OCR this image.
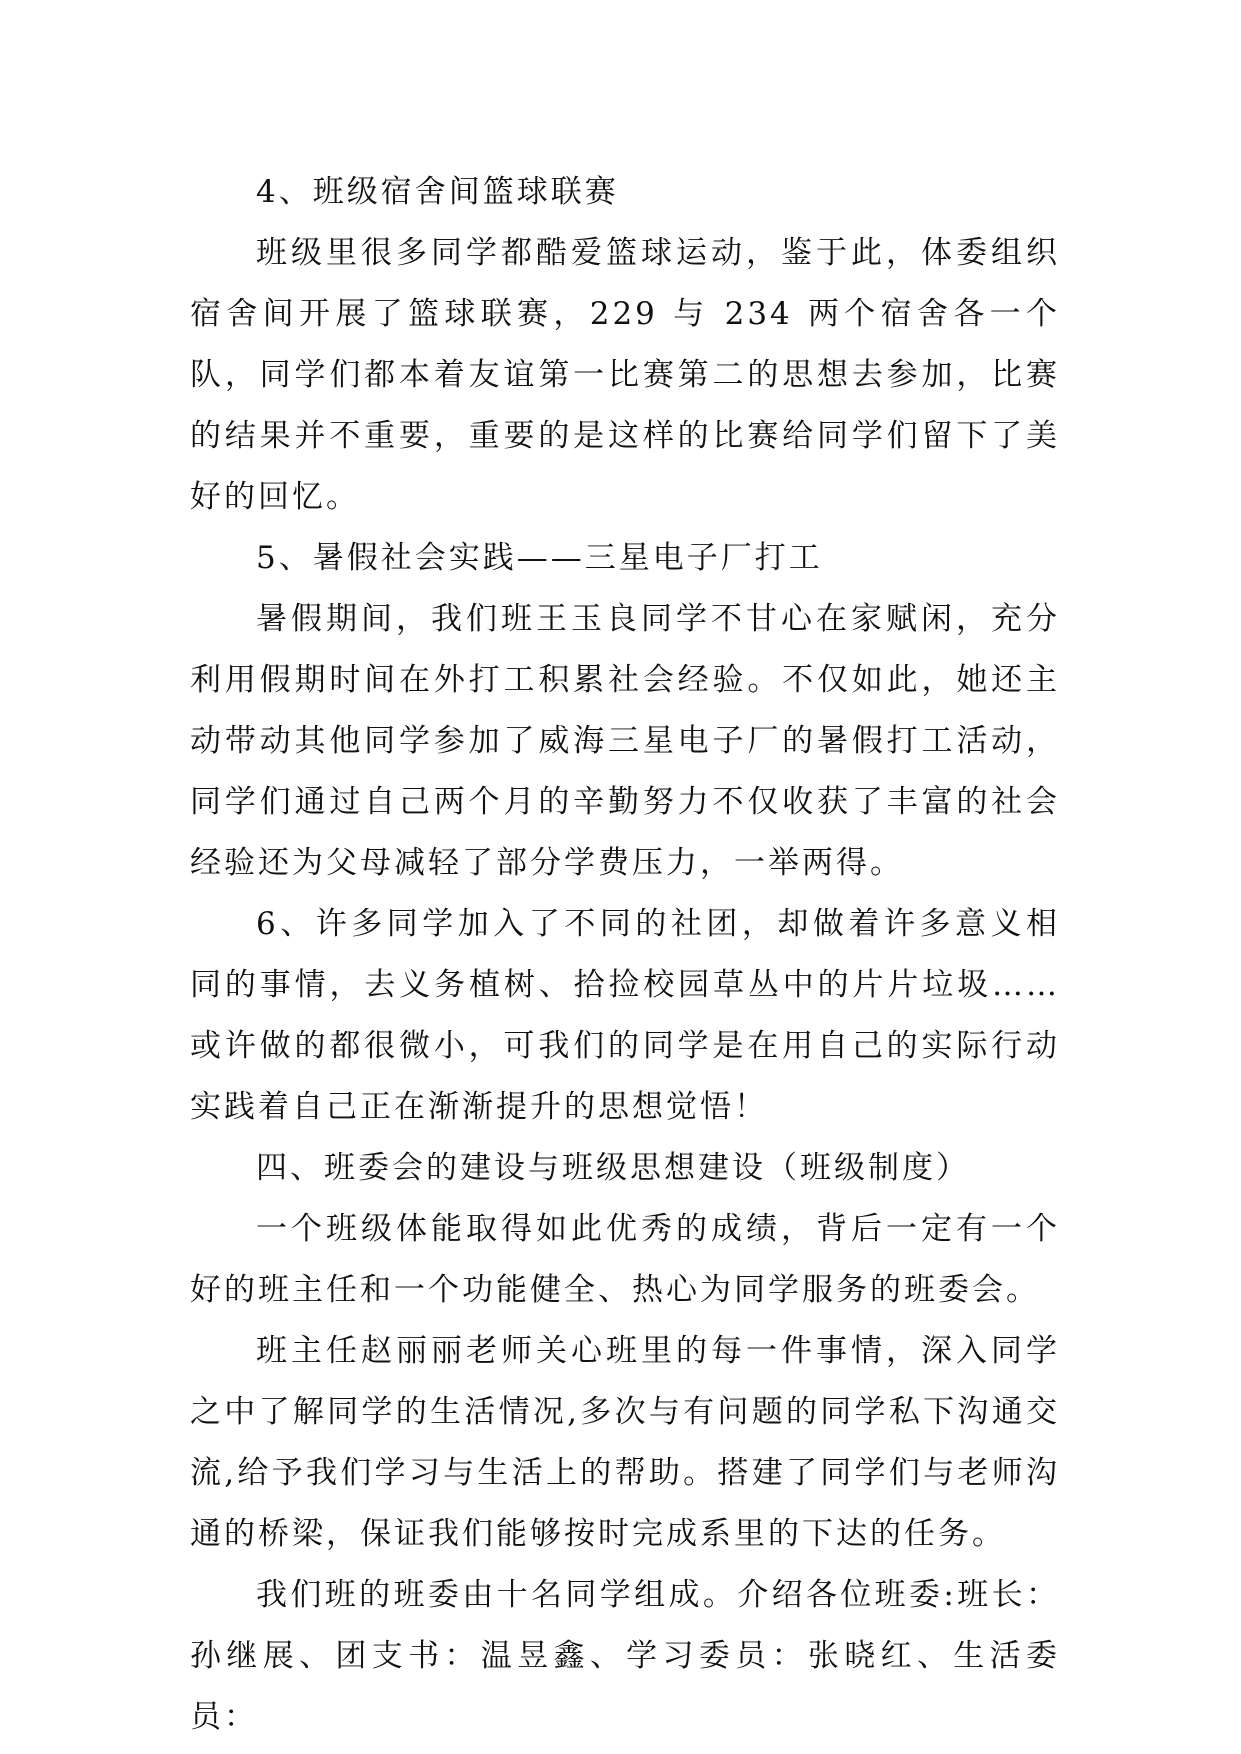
4、班级宿舍间篮球联赛

班级里很多同学都酷爱篮球运动，鉴于此，体委组织宿舍间开展了篮球联赛，229 与 234 两个宿舍各一个队，同学们都本着友谊第一比赛第二的思想去参加，比赛的结果并不重要，重要的是这样的比赛给同学们留下了美好的回忆。

5、暑假社会实践——三星电子厂打工

暑假期间，我们班王玉良同学不甘心在家赋闲，充分利用假期时间在外打工积累社会经验。不仅如此，她还主动带动其他同学参加了威海三星电子厂的暑假打工活动，同学们通过自己两个月的辛勤努力不仅收获了丰富的社会经验还为父母减轻了部分学费压力，一举两得。

6、许多同学加入了不同的社团，却做着许多意义相同的事情，去义务植树、拾捡校园草丛中的片片垃圾……或许做的都很微小，可我们的同学是在用自己的实际行动实践着自己正在渐渐提升的思想觉悟！

四、班委会的建设与班级思想建设（班级制度）

一个班级体能取得如此优秀的成绩，背后一定有一个好的班主任和一个功能健全、热心为同学服务的班委会。

班主任赵丽丽老师关心班里的每一件事情，深入同学之中了解同学的生活情况,多次与有问题的同学私下沟通交流,给予我们学习与生活上的帮助。搭建了同学们与老师沟通的桥梁，保证我们能够按时完成系里的下达的任务。

我们班的班委由十名同学组成。介绍各位班委:班长：孙继展、团支书：温昱鑫、学习委员：张晓红、生活委员：
